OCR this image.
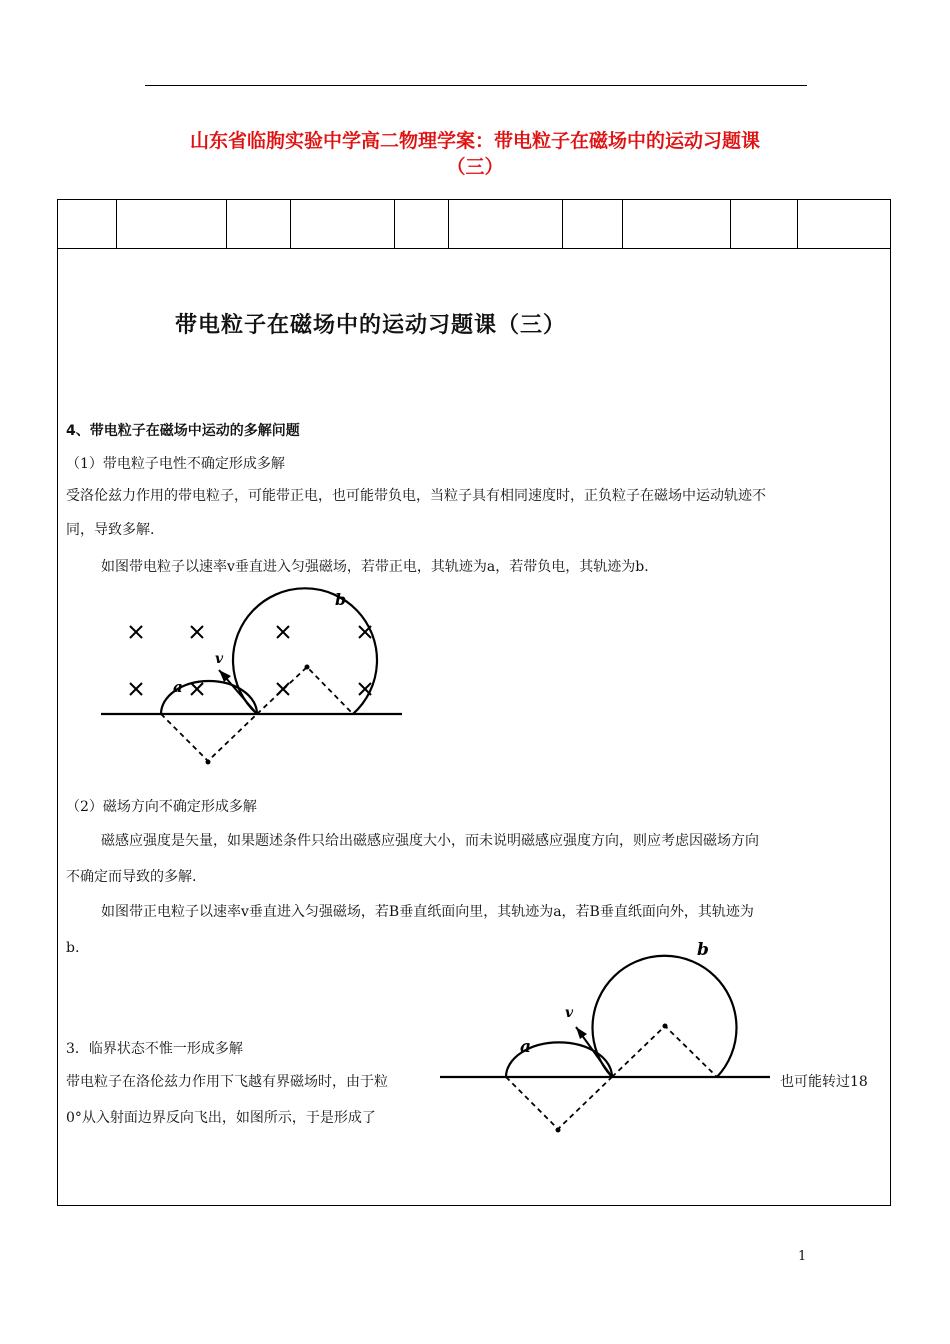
山东省临朐实验中学高二物理学案：带电粒子在磁场中的运动习题课
（三）

带电粒子在磁场中的运动习题课（三）
4、带电粒子在磁场中运动的多解问题
（1）带电粒子电性不确定形成多解
受洛伦兹力作用的带电粒子，可能带正电，也可能带负电，当粒子具有相同速度时，正负粒子在磁场中运动轨迹不
同，导致多解.
如图带电粒子以速率v垂直进入匀强磁场，若带正电，其轨迹为a，若带负电，其轨迹为b.
a
v
b
（2）磁场方向不确定形成多解
磁感应强度是矢量，如果题述条件只给出磁感应强度大小，而未说明磁感应强度方向，则应考虑因磁场方向
不确定而导致的多解.
如图带正电粒子以速率v垂直进入匀强磁场，若B垂直纸面向里，其轨迹为a，若B垂直纸面向外，其轨迹为
b.
3．临界状态不惟一形成多解
带电粒子在洛伦兹力作用下飞越有界磁场时，由于粒	，也可能转过18
0°从入射面边界反向飞出，如图所示，于是形成了
a
v
b
1
